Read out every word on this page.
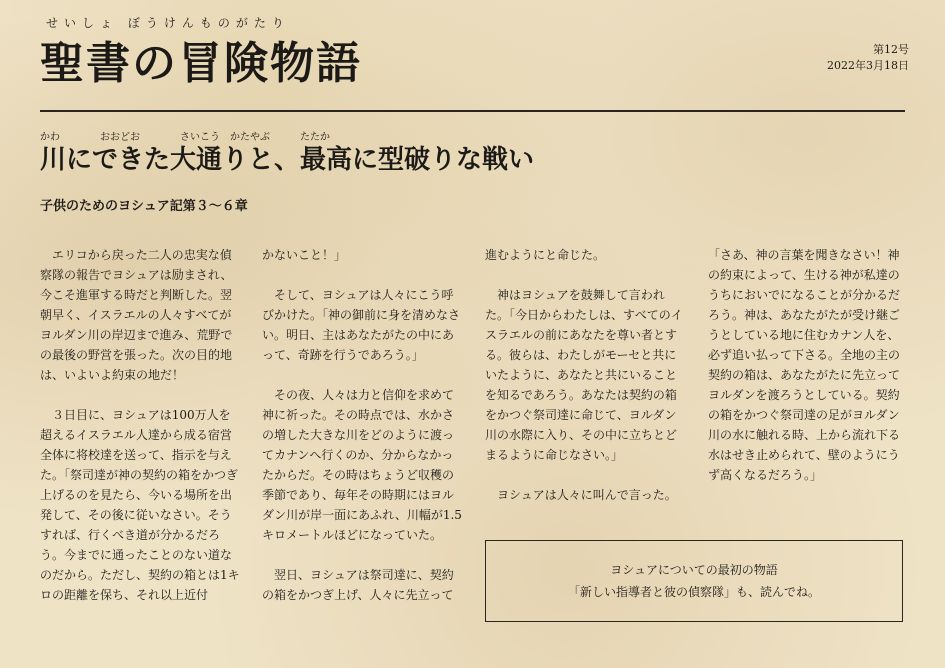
せいしょ ぼうけんものがたり
聖書の冒険物語	第12号
2022年3月18日
かわ　　　　おおどお　　　　さいこう　かたやぶ　　　たたか
川にできた大通りと、最高に型破りな戦い
子供のためのヨシュア記第３～６章

　エリコから戻った二人の忠実な偵察隊の報告でヨシュアは励まされ、今こそ進軍する時だと判断した。翌朝早く、イスラエルの人々すべてがヨルダン川の岸辺まで進み、荒野での最後の野営を張った。次の目的地は、いよいよ約束の地だ！

　３日目に、ヨシュアは100万人を超えるイスラエル人達から成る宿営全体に将校達を送って、指示を与えた。「祭司達が神の契約の箱をかつぎ上げるのを見たら、今いる場所を出発して、その後に従いなさい。そうすれば、行くべき道が分かるだろう。今までに通ったことのない道なのだから。ただし、契約の箱とは1キロの距離を保ち、それ以上近付

かないこと！」

　そして、ヨシュアは人々にこう呼びかけた。「神の御前に身を清めなさい。明日、主はあなたがたの中にあって、奇跡を行うであろう。」

　その夜、人々は力と信仰を求めて神に祈った。その時点では、水かさの増した大きな川をどのように渡ってカナンへ行くのか、分からなかったからだ。その時はちょうど収穫の季節であり、毎年その時期にはヨルダン川が岸一面にあふれ、川幅が1.5キロメートルほどになっていた。

　翌日、ヨシュアは祭司達に、契約の箱をかつぎ上げ、人々に先立って

進むようにと命じた。

　神はヨシュアを鼓舞して言われた。「今日からわたしは、すべてのイスラエルの前にあなたを尊い者とする。彼らは、わたしがモーセと共にいたように、あなたと共にいることを知るであろう。あなたは契約の箱をかつぐ祭司達に命じて、ヨルダン川の水際に入り、その中に立ちとどまるように命じなさい。」

　ヨシュアは人々に叫んで言った。

「さあ、神の言葉を聞きなさい！神の約束によって、生ける神が私達のうちにおいでになることが分かるだろう。神は、あなたがたが受け継ごうとしている地に住むカナン人を、必ず追い払って下さる。全地の主の契約の箱は、あなたがたに先立ってヨルダンを渡ろうとしている。契約の箱をかつぐ祭司達の足がヨルダン川の水に触れる時、上から流れ下る水はせき止められて、壁のようにうず高くなるだろう。」

ヨシュアについての最初の物語
「新しい指導者と彼の偵察隊」も、読んでね。
